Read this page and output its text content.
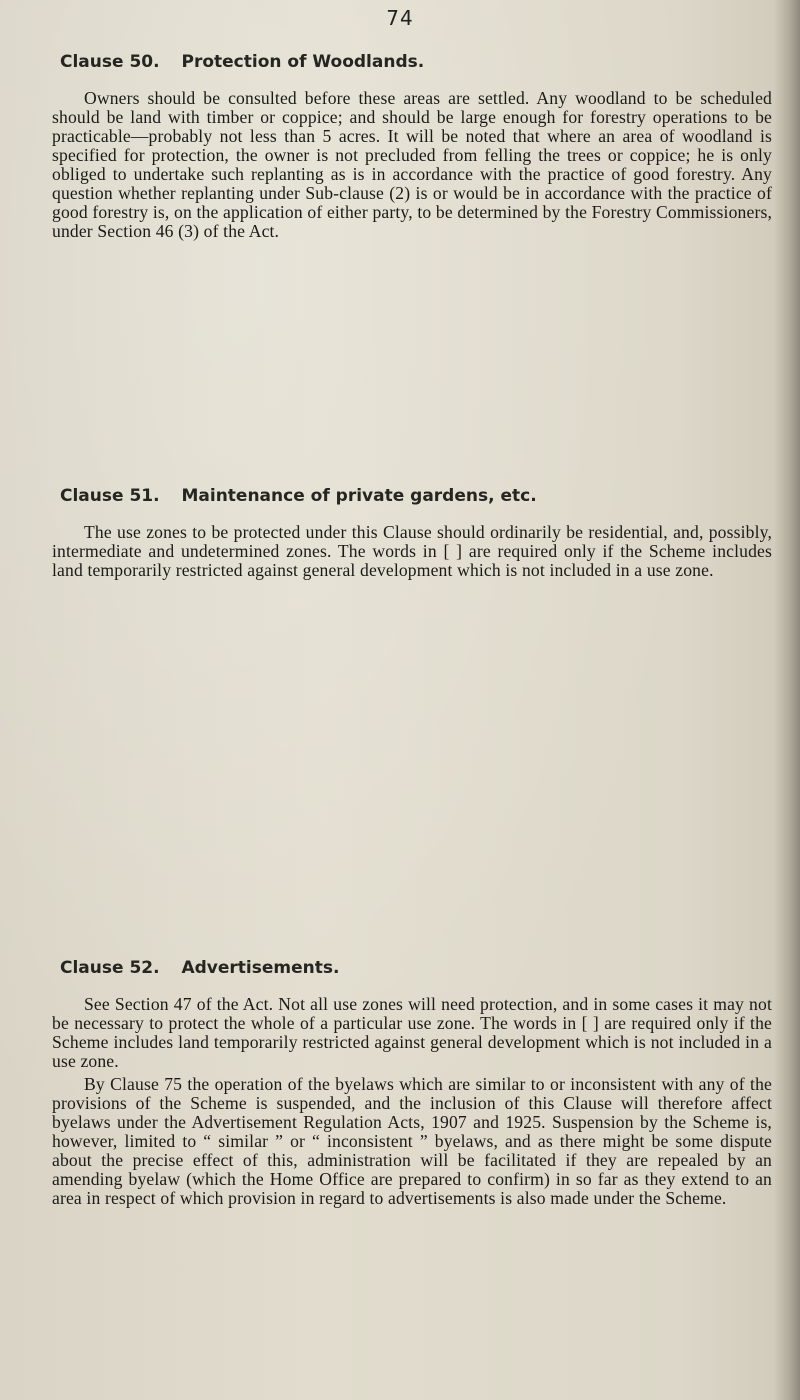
74
Clause 50. Protection of Woodlands.

Owners should be consulted before these areas are settled. Any woodland to be scheduled should be land with timber or coppice; and should be large enough for forestry operations to be practicable—probably not less than 5 acres. It will be noted that where an area of woodland is specified for protection, the owner is not precluded from felling the trees or coppice; he is only obliged to undertake such replanting as is in accordance with the practice of good forestry. Any question whether replanting under Sub-clause (2) is or would be in accordance with the practice of good forestry is, on the application of either party, to be determined by the Forestry Commissioners, under Section 46 (3) of the Act.

Clause 51. Maintenance of private gardens, etc.

The use zones to be protected under this Clause should ordinarily be residential, and, possibly, intermediate and undetermined zones. The words in [ ] are required only if the Scheme includes land temporarily restricted against general development which is not included in a use zone.

Clause 52. Advertisements.

See Section 47 of the Act. Not all use zones will need protection, and in some cases it may not be necessary to protect the whole of a particular use zone. The words in [ ] are required only if the Scheme includes land temporarily restricted against general development which is not included in a use zone.

By Clause 75 the operation of the byelaws which are similar to or inconsistent with any of the provisions of the Scheme is suspended, and the inclusion of this Clause will therefore affect byelaws under the Advertisement Regulation Acts, 1907 and 1925. Suspension by the Scheme is, however, limited to “ similar ” or “ inconsistent ” byelaws, and as there might be some dispute about the precise effect of this, administration will be facilitated if they are repealed by an amending byelaw (which the Home Office are prepared to confirm) in so far as they extend to an area in respect of which provision in regard to advertisements is also made under the Scheme.
